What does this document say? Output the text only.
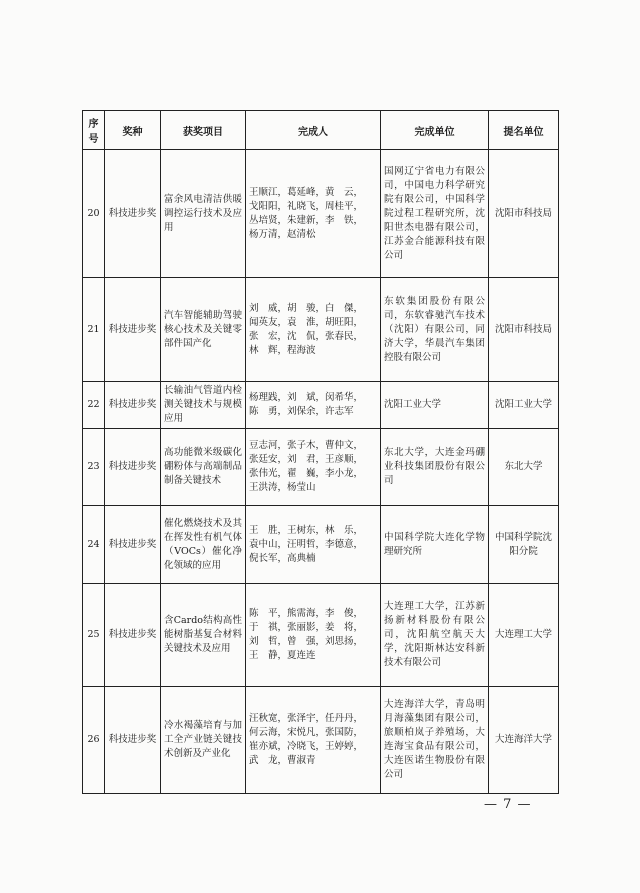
序号	奖种	获奖项目	完成人	完成单位	提名单位
20	科技进步奖	富余风电清洁供暖调控运行技术及应用	王顺江，葛延峰，黄　云，
戈阳阳，礼晓飞，周桂平，
丛培贤，朱建新，李　铁，
杨万清，赵清松	国网辽宁省电力有限公司，中国电力科学研究院有限公司，中国科学院过程工程研究所，沈阳世杰电器有限公司，江苏金合能源科技有限公司	沈阳市科技局
21	科技进步奖	汽车智能辅助驾驶核心技术及关键零部件国产化	刘　威，胡　骏，白　傑，
闻英友，袁　淮，胡旺阳，
张　宏，沈　侃，张春民，
林　辉，程海波	东软集团股份有限公司，东软睿驰汽车技术（沈阳）有限公司，同济大学，华晨汽车集团控股有限公司	沈阳市科技局
22	科技进步奖	长输油气管道内检测关键技术与规模应用	杨理践，刘　斌，闵希华，
陈　勇，刘保余，许志军	沈阳工业大学	沈阳工业大学
23	科技进步奖	高功能微米级碳化硼粉体与高端制品制备关键技术	豆志河，张子木，曹仲文，
张廷安，刘　君，王彦顺，
张伟光，翟　巍，李小龙，
王洪涛，杨莹山	东北大学，大连金玛硼业科技集团股份有限公司	东北大学
24	科技进步奖	催化燃烧技术及其在挥发性有机气体（VOCs）催化净化领域的应用	王　胜，王树东，林　乐，
袁中山，汪明哲，李德意，
倪长军，高典楠	中国科学院大连化学物理研究所	中国科学院沈阳分院
25	科技进步奖	含Cardo结构高性能树脂基复合材料关键技术及应用	陈　平，熊需海，李　俊，
于　祺，张丽影，姜　将，
刘　哲，曾　强，刘思扬，
王　静，夏连连	大连理工大学，江苏新扬新材料股份有限公司，沈阳航空航天大学，沈阳斯林达安科新技术有限公司	大连理工大学
26	科技进步奖	冷水褐藻培育与加工全产业链关键技术创新及产业化	汪秋宽，张泽宇，任丹丹，
何云海，宋悦凡，张国防，
崔亦斌，冷晓飞，王婷婷，
武　龙，曹淑青	大连海洋大学，青岛明月海藻集团有限公司，旅顺柏岚子养殖场，大连海宝食品有限公司，大连医诺生物股份有限公司	大连海洋大学
— 7 —
